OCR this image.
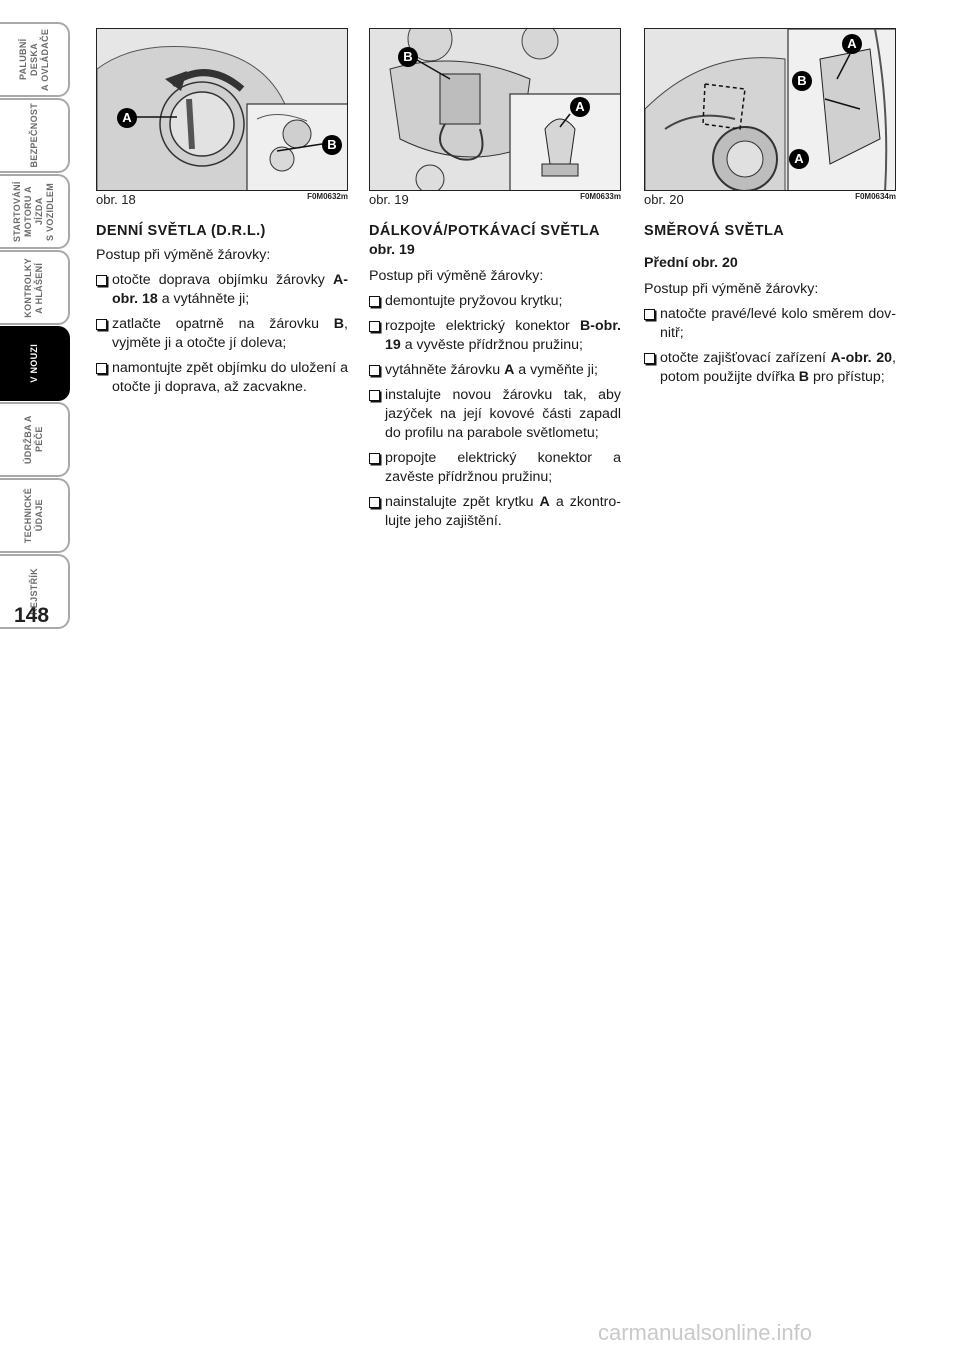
PALUBNÍ DESKA
A OVLÁDAČE
BEZPEČNOST
STARTOVÁNÍ
MOTORU A JÍZDA
S VOZIDLEM
KONTROLKY
A HLÁŠENÍ
V NOUZI
ÚDRŽBA A PÉČE
TECHNICKÉ
ÚDAJE
REJSTŘÍK
148
A
B
obr. 18	F0M0632m
B
A
obr. 19	F0M0633m
A
B
A
obr. 20	F0M0634m
DENNÍ SVĚTLA (D.R.L.)

Postup při výměně žárovky:

otočte doprava objímku žárovky A-obr. 18 a vytáhněte ji;
zatlačte opatrně na žárovku B, vyjměte ji a otočte jí doleva;
namontujte zpět objímku do uložení a otočte ji doprava, až zacvakne.
DÁLKOVÁ/POTKÁVACÍ SVĚTLA

obr. 19

Postup při výměně žárovky:

demontujte pryžovou krytku;
rozpojte elektrický konektor B-obr. 19 a vyvěste přídržnou pružinu;
vytáhněte žárovku A a vyměňte ji;
instalujte novou žárovku tak, aby jazýček na její kovové části zapadl do profilu na parabole světlometu;
propojte elektrický konektor a zavěste přídržnou pružinu;
nainstalujte zpět krytku A a zkontro-lujte jeho zajištění.
SMĚROVÁ SVĚTLA

Přední obr. 20

Postup při výměně žárovky:

natočte pravé/levé kolo směrem dov-nitř;
otočte zajišťovací zařízení A-obr. 20, potom použijte dvířka B pro přístup;
carmanualsonline.info
